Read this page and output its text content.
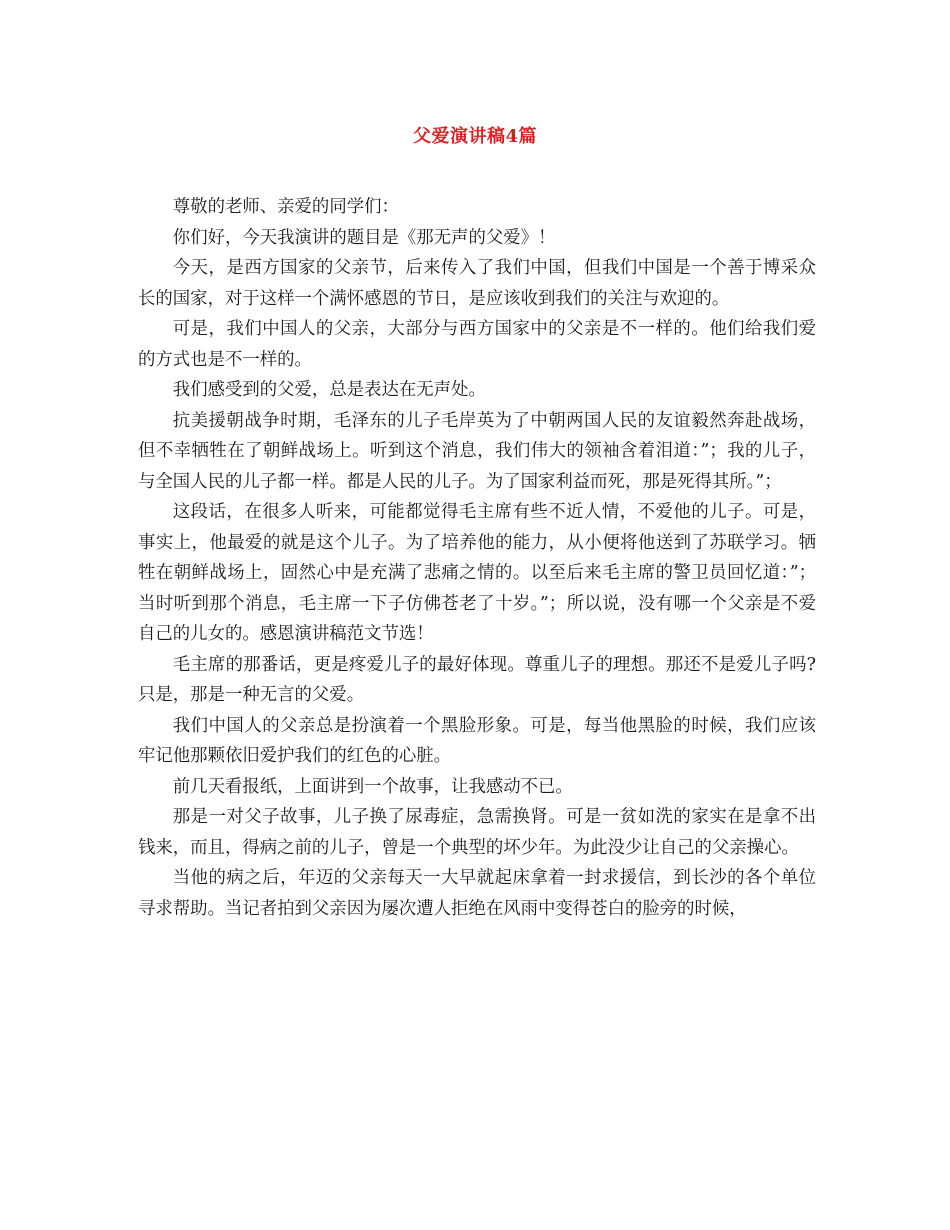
父爱演讲稿4篇

尊敬的老师、亲爱的同学们：

你们好，今天我演讲的题目是《那无声的父爱》！

今天，是西方国家的父亲节，后来传入了我们中国，但我们中国是一个善于博采众长的国家，对于这样一个满怀感恩的节日，是应该收到我们的关注与欢迎的。

可是，我们中国人的父亲，大部分与西方国家中的父亲是不一样的。他们给我们爱的方式也是不一样的。

我们感受到的父爱，总是表达在无声处。

抗美援朝战争时期，毛泽东的儿子毛岸英为了中朝两国人民的友谊毅然奔赴战场，但不幸牺牲在了朝鲜战场上。听到这个消息，我们伟大的领袖含着泪道：”；我的儿子，与全国人民的儿子都一样。都是人民的儿子。为了国家利益而死，那是死得其所。”；

这段话，在很多人听来，可能都觉得毛主席有些不近人情，不爱他的儿子。可是，事实上，他最爱的就是这个儿子。为了培养他的能力，从小便将他送到了苏联学习。牺牲在朝鲜战场上，固然心中是充满了悲痛之情的。以至后来毛主席的警卫员回忆道：”；当时听到那个消息，毛主席一下子仿佛苍老了十岁。”；所以说，没有哪一个父亲是不爱自己的儿女的。感恩演讲稿范文节选！

毛主席的那番话，更是疼爱儿子的最好体现。尊重儿子的理想。那还不是爱儿子吗?只是，那是一种无言的父爱。

我们中国人的父亲总是扮演着一个黑脸形象。可是，每当他黑脸的时候，我们应该牢记他那颗依旧爱护我们的红色的心脏。

前几天看报纸，上面讲到一个故事，让我感动不已。

那是一对父子故事，儿子换了尿毒症，急需换肾。可是一贫如洗的家实在是拿不出钱来，而且，得病之前的儿子，曾是一个典型的坏少年。为此没少让自己的父亲操心。

当他的病之后，年迈的父亲每天一大早就起床拿着一封求援信，到长沙的各个单位寻求帮助。当记者拍到父亲因为屡次遭人拒绝在风雨中变得苍白的脸旁的时候，
